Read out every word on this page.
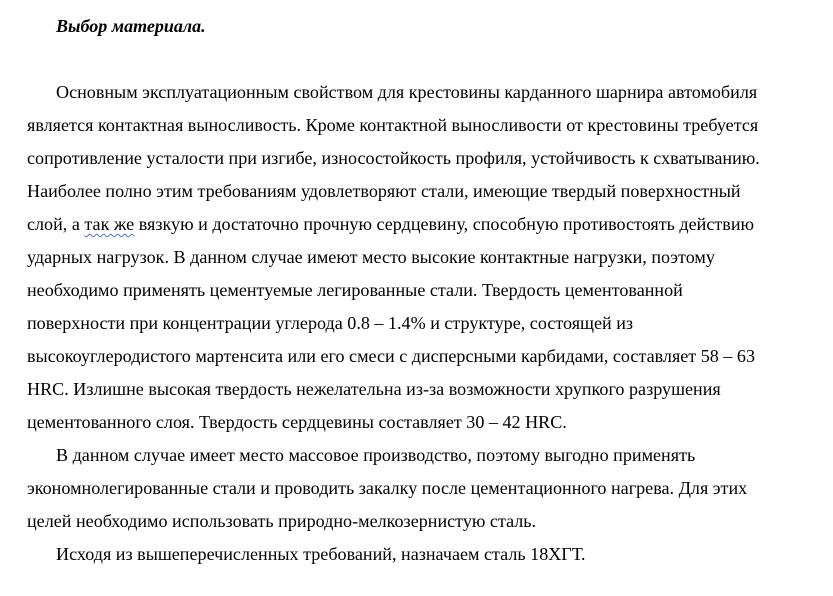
Выбор материала.
Основным эксплуатационным свойством для крестовины карданного шарнира автомобиля
является контактная выносливость. Кроме контактной выносливости от крестовины требуется
сопротивление усталости при изгибе, износостойкость профиля, устойчивость к схватыванию.
Наиболее полно этим требованиям удовлетворяют стали, имеющие твердый поверхностный
слой, а так же вязкую и достаточно прочную сердцевину, способную противостоять действию
ударных нагрузок. В данном случае имеют место высокие контактные нагрузки, поэтому
необходимо применять цементуемые легированные стали. Твердость цементованной
поверхности при концентрации углерода 0.8 – 1.4% и структуре, состоящей из
высокоуглеродистого мартенсита или его смеси с дисперсными карбидами, составляет 58 – 63
HRC. Излишне высокая твердость нежелательна из-за возможности хрупкого разрушения
цементованного слоя. Твердость сердцевины составляет 30 – 42 HRC.
В данном случае имеет место массовое производство, поэтому выгодно применять
экономнолегированные стали и проводить закалку после цементационного нагрева. Для этих
целей необходимо использовать природно-мелкозернистую сталь.
Исходя из вышеперечисленных требований, назначаем сталь 18ХГТ.
